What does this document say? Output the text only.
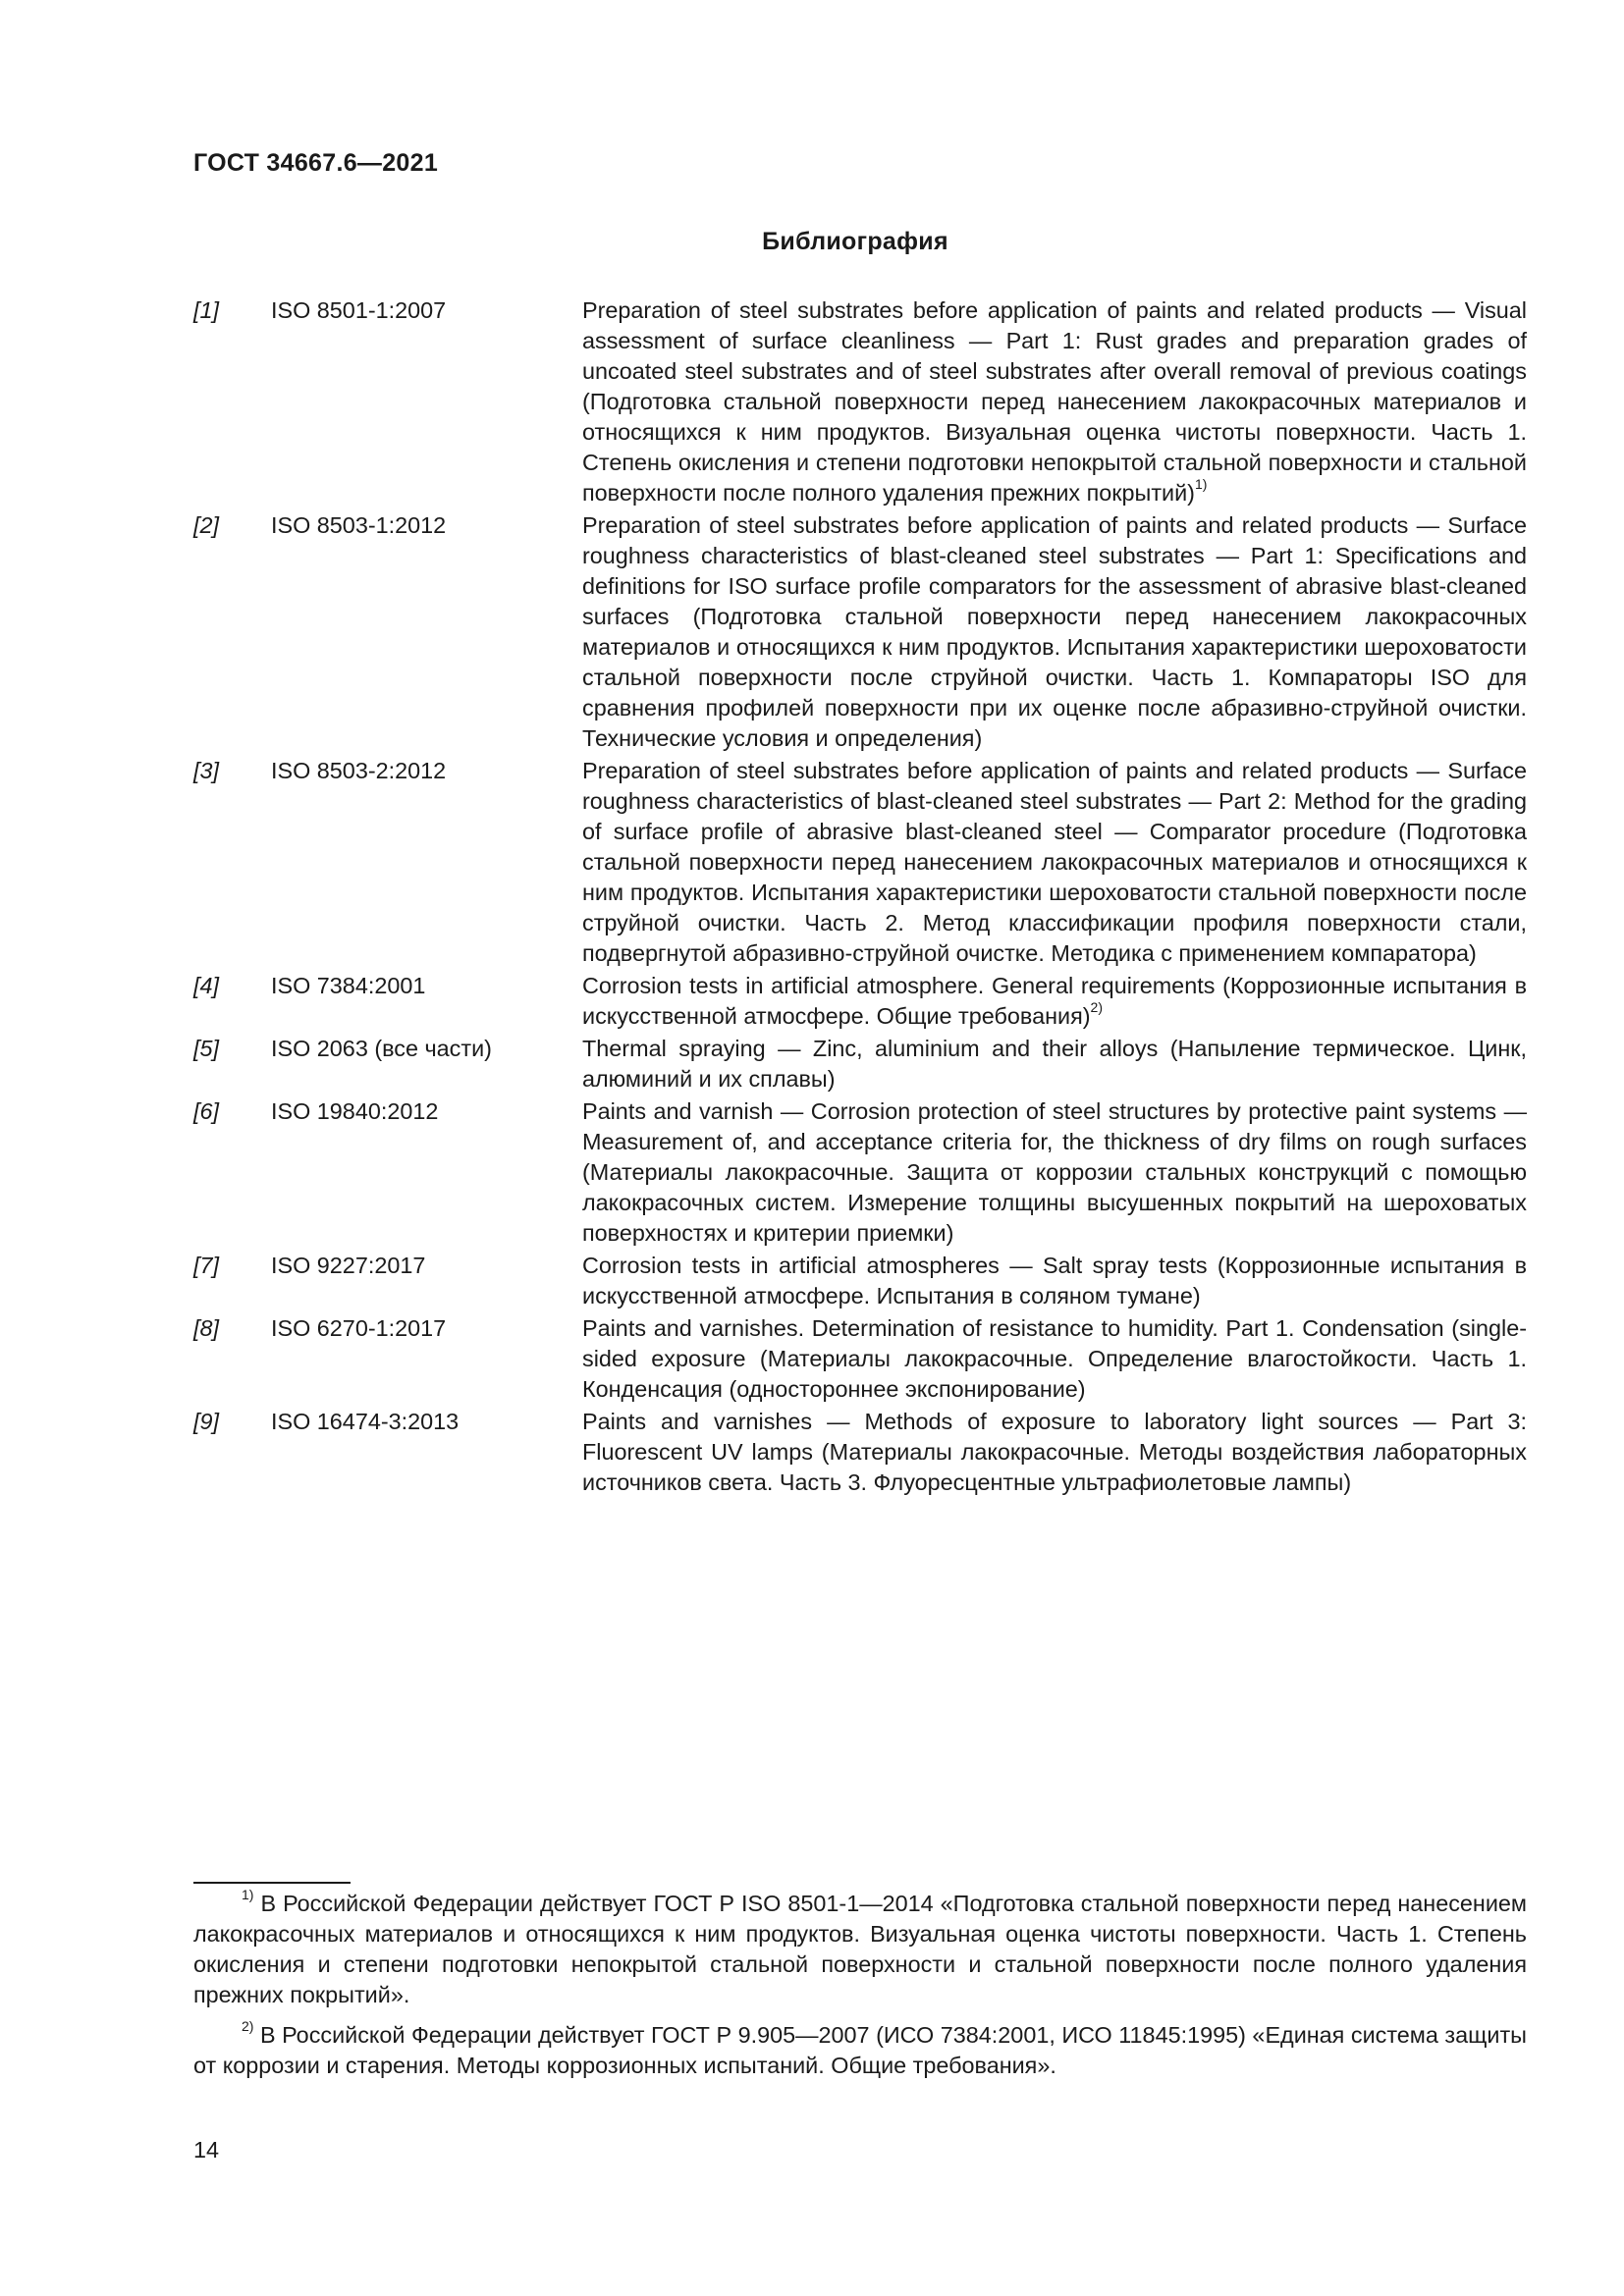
ГОСТ 34667.6—2021
Библиография
[1]	ISO 8501-1:2007	Preparation of steel substrates before application of paints and related products — Visual assessment of surface cleanliness — Part 1: Rust grades and preparation grades of uncoated steel substrates and of steel substrates after overall removal of previous coatings (Подготовка стальной поверхности перед нанесением лакокрасочных материалов и относящихся к ним продуктов. Визуальная оценка чистоты поверхности. Часть 1. Степень окисления и степени подготовки непокрытой стальной поверхности и стальной поверхности после полного удаления прежних покрытий)$^{1)}$
[2]	ISO 8503-1:2012	Preparation of steel substrates before application of paints and related products — Surface roughness characteristics of blast-cleaned steel substrates — Part 1: Specifications and definitions for ISO surface profile comparators for the assessment of abrasive blast-cleaned surfaces (Подготовка стальной поверхности перед нанесением лакокрасочных материалов и относящихся к ним продуктов. Испытания характеристики шероховатости стальной поверхности после струйной очистки. Часть 1. Компараторы ISO для сравнения профилей поверхности при их оценке после абразивно-струйной очистки. Технические условия и определения)
[3]	ISO 8503-2:2012	Preparation of steel substrates before application of paints and related products — Surface roughness characteristics of blast-cleaned steel substrates — Part 2: Method for the grading of surface profile of abrasive blast-cleaned steel — Comparator procedure (Подготовка стальной поверхности перед нанесением лакокрасочных материалов и относящихся к ним продуктов. Испытания характеристики шероховатости стальной поверхности после струйной очистки. Часть 2. Метод классификации профиля поверхности стали, подвергнутой абразивно-струйной очистке. Методика с применением компаратора)
[4]	ISO 7384:2001	Corrosion tests in artificial atmosphere. General requirements (Коррозионные испытания в искусственной атмосфере. Общие требования)$^{2)}$
[5]	ISO 2063 (все части)	Thermal spraying — Zinc, aluminium and their alloys (Напыление термическое. Цинк, алюминий и их сплавы)
[6]	ISO 19840:2012	Paints and varnish — Corrosion protection of steel structures by protective paint systems — Measurement of, and acceptance criteria for, the thickness of dry films on rough surfaces (Материалы лакокрасочные. Защита от коррозии стальных конструкций с помощью лакокрасочных систем. Измерение толщины высушенных покрытий на шероховатых поверхностях и критерии приемки)
[7]	ISO 9227:2017	Corrosion tests in artificial atmospheres — Salt spray tests (Коррозионные испытания в искусственной атмосфере. Испытания в соляном тумане)
[8]	ISO 6270-1:2017	Paints and varnishes. Determination of resistance to humidity. Part 1. Condensation (single-sided exposure (Материалы лакокрасочные. Определение влагостойкости. Часть 1. Конденсация (одностороннее экспонирование)
[9]	ISO 16474-3:2013	Paints and varnishes — Methods of exposure to laboratory light sources — Part 3: Fluorescent UV lamps (Материалы лакокрасочные. Методы воздействия лабораторных источников света. Часть 3. Флуоресцентные ультрафиолетовые лампы)
$^{1)}$ В Российской Федерации действует ГОСТ Р ISO 8501-1—2014 «Подготовка стальной поверхности перед нанесением лакокрасочных материалов и относящихся к ним продуктов. Визуальная оценка чистоты поверхности. Часть 1. Степень окисления и степени подготовки непокрытой стальной поверхности и стальной поверхности после полного удаления прежних покрытий».
$^{2)}$ В Российской Федерации действует ГОСТ Р 9.905—2007 (ИСО 7384:2001, ИСО 11845:1995) «Единая система защиты от коррозии и старения. Методы коррозионных испытаний. Общие требования».
14
